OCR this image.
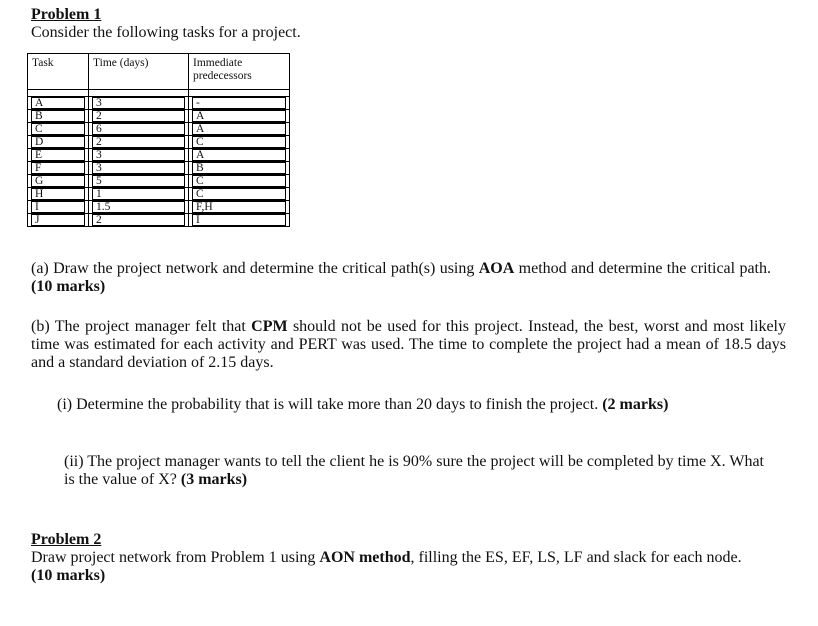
Problem 1
Consider the following tasks for a project.
Task	Time (days)	Immediate predecessors

A	3	-

B	2	A

C	6	A

D	2	C

E	3	A

F	3	B

G	5	C

H	1	C

I	1.5	F,H

J	2	I
(a) Draw the project network and determine the critical path(s) using AOA method and determine the critical path. (10 marks)
(b) The project manager felt that CPM should not be used for this project. Instead, the best, worst and most likely time was estimated for each activity and PERT was used. The time to complete the project had a mean of 18.5 days and a standard deviation of 2.15 days.
(i) Determine the probability that is will take more than 20 days to finish the project. (2 marks)
(ii) The project manager wants to tell the client he is 90% sure the project will be completed by time X. What is the value of X? (3 marks)
Problem 2
Draw project network from Problem 1 using AON method, filling the ES, EF, LS, LF and slack for each node.
(10 marks)
